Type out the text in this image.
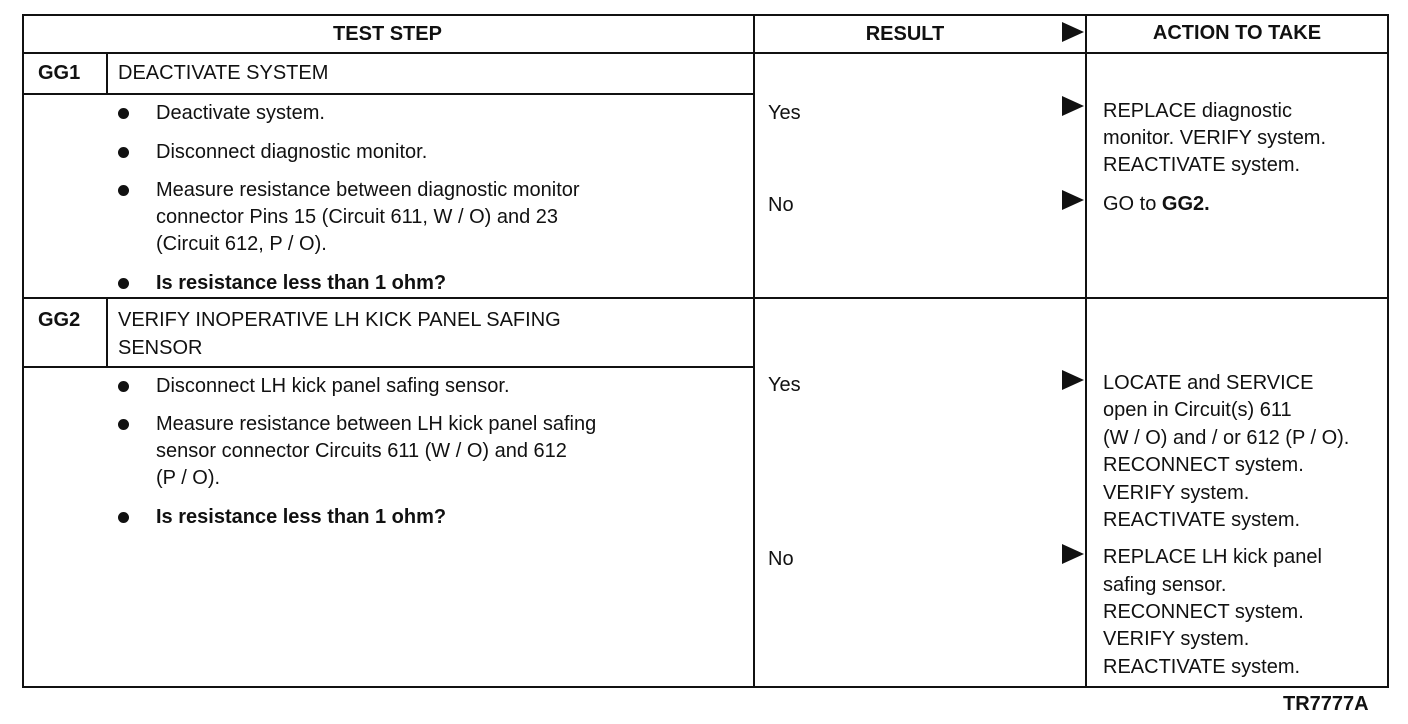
TEST STEP	RESULT	ACTION TO TAKE
GG1 DEACTIVATE SYSTEM
Deactivate system.
Disconnect diagnostic monitor.
Measure resistance between diagnostic monitor
connector Pins 15 (Circuit 611, W / O) and 23
(Circuit 612, P / O).
Is resistance less than 1 ohm?
Yes	REPLACE diagnostic
monitor. VERIFY system.
REACTIVATE system.
No	GO to GG2.
GG2 VERIFY INOPERATIVE LH KICK PANEL SAFING
SENSOR
Disconnect LH kick panel safing sensor.
Measure resistance between LH kick panel safing
sensor connector Circuits 611 (W / O) and 612
(P / O).
Is resistance less than 1 ohm?
Yes	LOCATE and SERVICE
open in Circuit(s) 611
(W / O) and / or 612 (P / O).
RECONNECT system.
VERIFY system.
REACTIVATE system.
No	REPLACE LH kick panel
safing sensor.
RECONNECT system.
VERIFY system.
REACTIVATE system.
TR7777A
